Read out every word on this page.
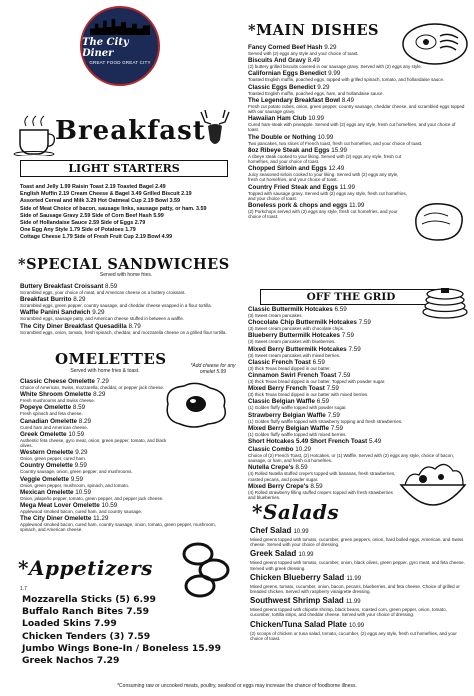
The City Diner
GREAT FOOD GREAT CITY
Breakfast
LIGHT STARTERS
Toast and Jelly 1.99 Raisin Toast 2.19 Toasted Bagel 2.49
English Muffin 2.19 Cream Cheese & Bagel 3.49 Grilled Biscuit 2.19
Assorted Cereal and Milk 3.29 Hot Oatmeal Cup 2.19 Bowl 3.59
Side of Meat Choice of bacon, sausage links, sausage patty, or ham. 3.59
Side of Sausage Gravy 2.59 Side of Corn Beef Hash 5.99
Side of Hollandaise Sauce 2.59 Side of Eggs 2.79
One Egg Any Style 1.79 Side of Potatoes 1.79
Cottage Cheese 1.79 Side of Fresh Fruit Cup 2.19 Bowl 4.99
*SPECIAL SANDWICHES
Served with home fries.
Buttery Breakfast Croissant 8.59
Scrambled eggs, your choice of meat, and American cheese on a buttery croissant.
Breakfast Burrito 8.29
Scrambled eggs, green pepper, country sausage, and cheddar cheese wrapped in a flour tortilla.
Waffle Panini Sandwich 9.29
Scrambled eggs, sausage patty, and American cheese stuffed in between a waffle.
The City Diner Breakfast Quesadilla 8.79
Scrambled eggs, onion, tomato, fresh spinach, cheddar, and mozzarella cheese on a grilled flour tortilla.
OMELETTES
Served with home fries & toast.
*Add cheese for any omelet 5.99
Classic Cheese Omelette 7.29
Choice of American, Swiss, mozzarella, cheddar, or pepper jack cheese.
White Shroom Omelette 8.29
Fresh mushrooms and Swiss cheese.
Popeye Omelette 8.59
Fresh spinach and feta cheese.
Canadian Omelette 8.29
Cured ham and American cheese.
Greek Omelette 10.59
Authentic feta cheese, gyro meat, onion, green pepper, tomato, and black olives.
Western Omelette 9.29
Onion, green pepper, cured ham.
Country Omelette 9.59
Country sausage, onion, green pepper, and mushrooms.
Veggie Omelette 9.59
Onion, green pepper, mushroom, spinach, and tomato.
Mexican Omelette 10.59
Onion, jalapeño pepper, tomato, green pepper, and pepper jack cheese.
Mega Meat Lover Omelette 10.59
Applewood smoked bacon, cured ham, and country sausage.
The City Diner Omelette 11.29
Applewood smoked bacon, cured ham, country sausage, onion, tomato, green pepper, mushroom, spinach, and American cheese.
*Appetizers
1.7
Mozzarella Sticks (5) 6.99
Buffalo Ranch Bites 7.59
Loaded Skins 7.99
Chicken Tenders (3) 7.59
Jumbo Wings Bone-In / Boneless 15.99
Greek Nachos 7.29
*MAIN DISHES
Fancy Corned Beef Hash 9.29
Served with (2) eggs any style and your choice of toast.
Biscuits And Gravy 8.49
(2) buttery grilled biscuits covered in our sausage gravy. Served with (2) eggs any style.
Californian Eggs Benedict 9.99
Toasted English muffin, poached eggs, topped with grilled spinach, tomato, and hollandaise sauce.
Classic Eggs Benedict 9.29
Toasted English muffin, poached eggs, ham, and hollandaise sauce.
The Legendary Breakfast Bowl 8.49
Fresh cut potato cubes, onion, green pepper, country sausage, cheddar cheese, and scrambled eggs topped with our sausage gravy.
Hawaiian Ham Club 10.99
Cured ham-steak with pineapple. Served with (2) eggs any style, fresh cut homefries, and your choice of toast.
The Double or Nothing 10.99
Two pancakes, two slices of French toast, fresh cut homefries, and your choice of toast.
8oz Ribeye Steak and Eggs 15.99
A ribeye steak cooked to your liking. Served with (2) eggs any style, fresh cut homefries, and your choice of toast.
Chopped Sirloin and Eggs 12.49
Juicy seasoned sirloin cooked to your liking. Served with (2) eggs any style, fresh cut homefries, and your choice of toast.
Country Fried Steak and Eggs 11.99
Topped with sausage gravy. Served with (2) eggs any style, fresh cut homefries, and your choice of toast.
Boneless pork & chops and eggs 11.99
(2) Porkchops served with (2) eggs any style, fresh cut homefries, and your choice of toast.
OFF THE GRID
Classic Buttermilk Hotcakes 6.59
(3) Sweet cream pancakes.
Chocolate Chip Buttermilk Hotcakes 7.59
(3) Sweet cream pancakes with chocolate chips.
Blueberry Buttermilk Hotcakes 7.59
(3) Sweet cream pancakes with blueberries.
Mixed Berry Buttermilk Hotcakes 7.59
(3) Sweet cream pancakes with mixed berries.
Classic French Toast 6.59
(3) thick Texas bread dipped in our batter.
Cinnamon Swirl French Toast 7.59
(3) thick Texas bread dipped in our batter. Topped with powder sugar.
Mixed Berry French Toast 7.59
(3) thick Texas bread dipped in our batter with mixed berries.
Classic Belgian Waffle 6.59
(1) Golden fluffy waffle topped with powder sugar.
Strawberry Belgian Waffle 7.59
(1) Golden fluffy waffle topped with strawberry topping and fresh strawberries.
Mixed Berry Belgian Waffle 7.59
(1) Golden fluffy waffle topped with mixed berries.
Short Hotcakes 5.49 Short French Toast 5.49
Classic Combo 10.29
Choice of (2) French Toast, (2) Hotcakes, or (1) Waffle. Served with (2) eggs any style, choice of bacon, sausage, or ham, and fresh cut homefries.
Nutella Crepe's 8.59
(4) Rolled Nutella stuffed crepe's topped with bananas, fresh strawberries, roasted pecans, and powder sugar.
Mixed Berry Crepe's 8.59
(4) Rolled strawberry filling stuffed crepe's topped with fresh strawberries and blueberries.
*Salads
Chef Salad 10.99
Mixed greens topped with tomato, cucumber, green peppers, onion, hard boiled eggs, American, and Swiss cheese. Served with your choice of dressing.
Greek Salad 10.99
Mixed greens topped with tomato, cucumber, onion, black olives, green pepper, gyro meat, and feta cheese. Served with greek dressing.
Chicken Blueberry Salad 11.99
Mixed greens, tomato, cucumber, onion, bacon, pecans, blueberries, and feta cheese. Choice of grilled or breaded chicken. Served with raspberry vinaigrette dressing.
Southwest Shrimp Salad 11.99
Mixed greens topped with chipotle shrimp, black beans, roasted corn, green pepper, onion, tomato, cucumber, tortilla strips, and cheddar cheese. Served with your choice of dressing.
Chicken/Tuna Salad Plate 10.99
(2) scoops of chicken or tuna salad, tomato, cucumber, (2) eggs any style, fresh cut homefries, and your choice of toast.
*Consuming raw or uncooked meats, poultry, seafood or eggs may increase the chance of foodborne illness.
